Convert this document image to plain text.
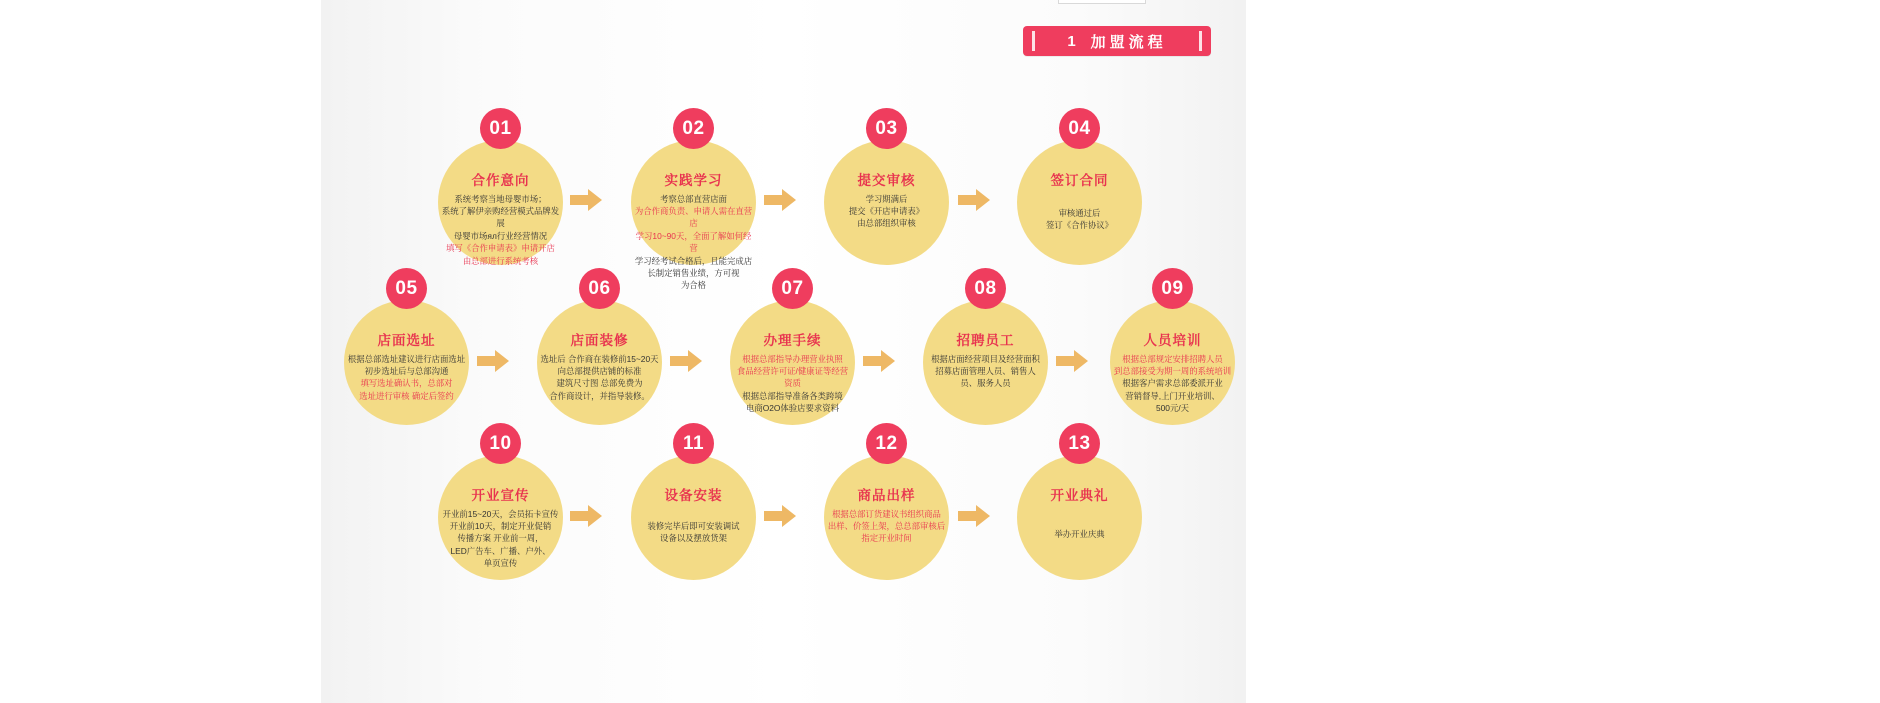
1 加盟流程
合作意向
系统考察当地母婴市场；
系统了解伊亲购经营模式品牌发展
母婴市场ял行业经营情况
填写《合作申请表》申请开店
由总部进行系统考核
01
实践学习
考察总部直营店面
为合作商负责、申请人需在直营店
学习10~90天，全面了解如何经营
学习经考试合格后，且能完成店
长制定销售业绩，方可视
为合格
02
提交审核
学习期满后
提交《开店申请表》
由总部组织审核
03
签订合同
审核通过后
签订《合作协议》
04
店面选址
根据总部选址建议进行店面选址
初步选址后与总部沟通
填写选址确认书，总部对
选址进行审核 确定后签约
05
店面装修
选址后 合作商在装修前15~20天
向总部提供店铺的标准
建筑尺寸图 总部免费为
合作商设计，并指导装修。
06
办理手续
根据总部指导办理营业执照
食品经营许可证/健康证等经营资质
根据总部指导准备各类跨境
电商O2O体验店要求资料
07
招聘员工
根据店面经营项目及经营面积
招募店面管理人员、销售人
员、服务人员
08
人员培训
根据总部规定安排招聘人员
到总部接受为期一周的系统培训
根据客户需求总部委派开业
营销督导,上门开业培训、
500元/天
09
开业宣传
开业前15~20天，会员拓卡宣传
开业前10天，制定开业促销
传播方案 开业前一周，
LED广告车、广播、户外、
单页宣传
10
设备安装
装修完毕后即可安装调试
设备以及摆放货架
11
商品出样
根据总部订货建议书组织商品
出样、价签上架，总总部审核后
指定开业时间
12
开业典礼
举办开业庆典
13
